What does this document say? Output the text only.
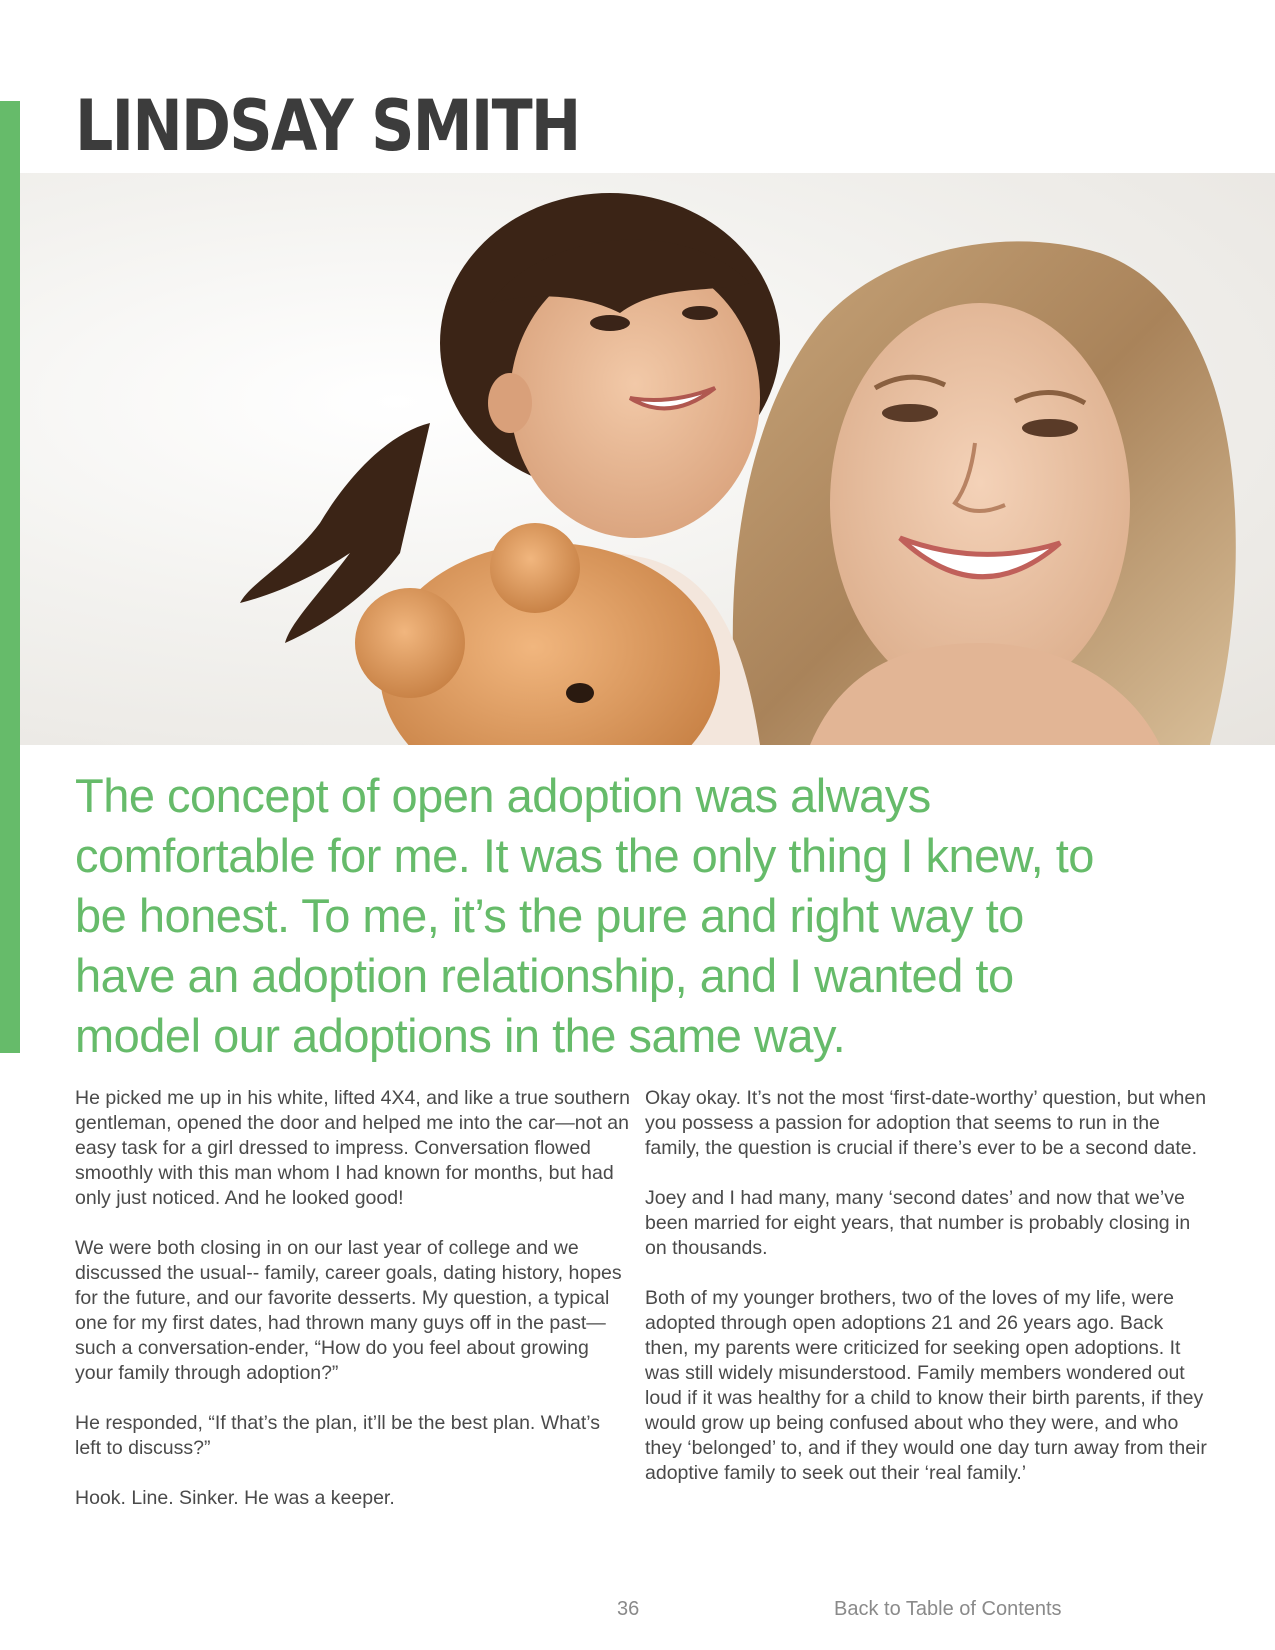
LINDSAY SMITH

The concept of open adoption was always comfortable for me. It was the only thing I knew, to be honest. To me, it’s the pure and right way to have an adoption relationship, and I wanted to model our adoptions in the same way.

He picked me up in his white, lifted 4X4, and like a true southern gentleman, opened the door and helped me into the car—not an easy task for a girl dressed to impress. Conversation flowed smoothly with this man whom I had known for months, but had only just noticed. And he looked good!

We were both closing in on our last year of college and we discussed the usual-- family, career goals, dating history, hopes for the future, and our favorite desserts. My question, a typical one for my first dates, had thrown many guys off in the past—such a conversation-ender, “How do you feel about growing your family through adoption?”

He responded, “If that’s the plan, it’ll be the best plan. What’s left to discuss?”

Hook. Line. Sinker. He was a keeper.

Okay okay. It’s not the most ‘first-date-worthy’ question, but when you possess a passion for adoption that seems to run in the family, the question is crucial if there’s ever to be a second date.

Joey and I had many, many ‘second dates’ and now that we’ve been married for eight years, that number is probably closing in on thousands.

Both of my younger brothers, two of the loves of my life, were adopted through open adoptions 21 and 26 years ago. Back then, my parents were criticized for seeking open adoptions. It was still widely misunderstood. Family members wondered out loud if it was healthy for a child to know their birth parents, if they would grow up being confused about who they were, and who they ‘belonged’ to, and if they would one day turn away from their adoptive family to seek out their ‘real family.’

36	Back to Table of Contents
